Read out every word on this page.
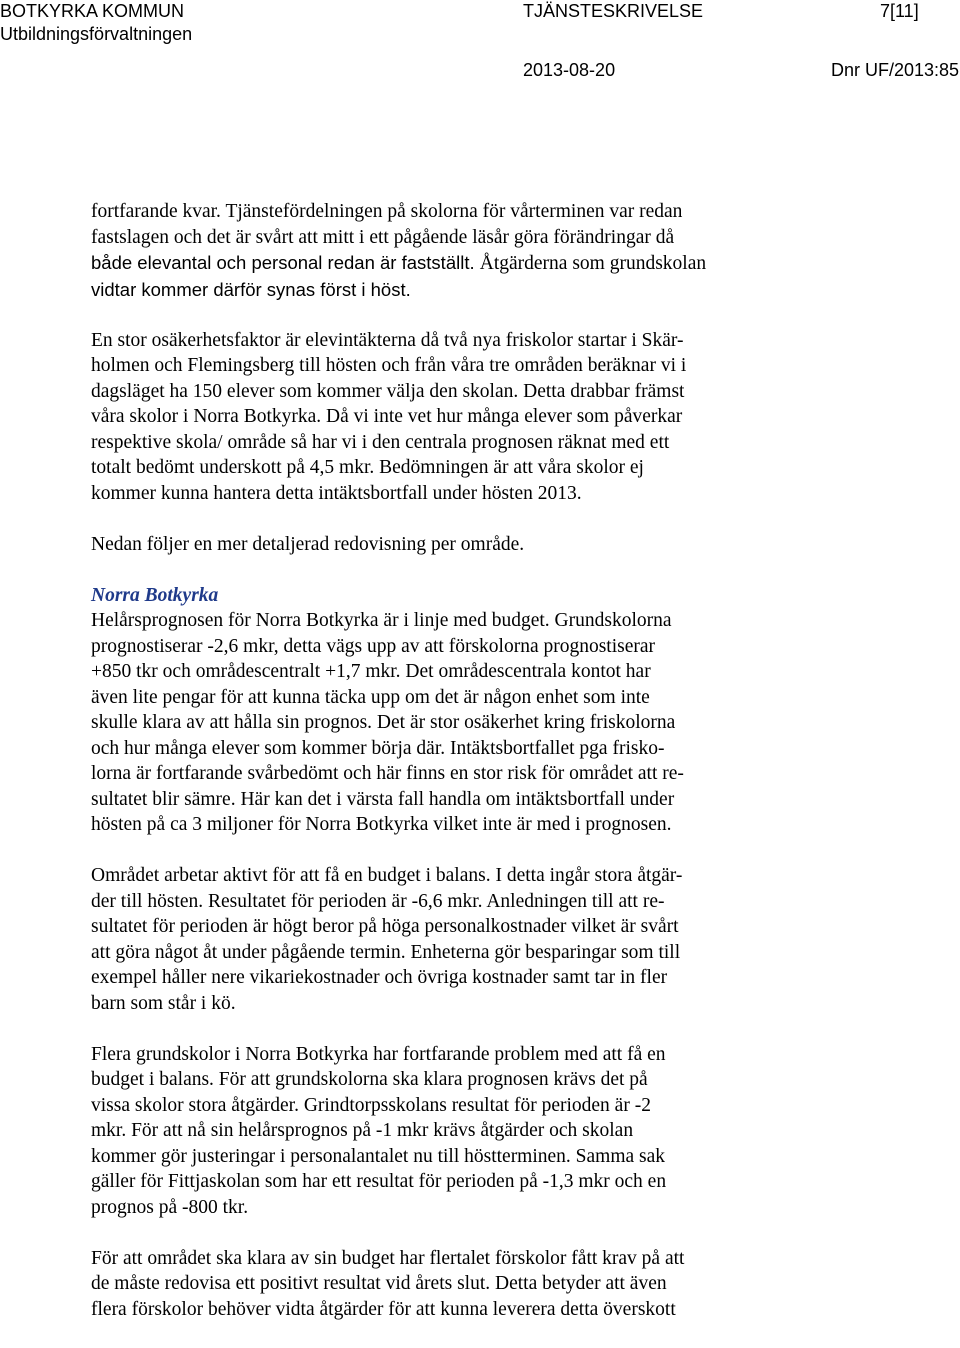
BOTKYRKA KOMMUN
Utbildningsförvaltningen
TJÄNSTESKRIVELSE	7[11]
2013-08-20	Dnr UF/2013:85

fortfarande kvar. Tjänstefördelningen på skolorna för vårterminen var redan
fastslagen och det är svårt att mitt i ett pågående läsår göra förändringar då
både elevantal och personal redan är fastställt. Åtgärderna som grundskolan
vidtar kommer därför synas först i höst.

En stor osäkerhetsfaktor är elevintäkterna då två nya friskolor startar i Skär-
holmen och Flemingsberg till hösten och från våra tre områden beräknar vi i
dagsläget ha 150 elever som kommer välja den skolan. Detta drabbar främst
våra skolor i Norra Botkyrka. Då vi inte vet hur många elever som påverkar
respektive skola/ område så har vi i den centrala prognosen räknat med ett
totalt bedömt underskott på 4,5 mkr. Bedömningen är att våra skolor ej
kommer kunna hantera detta intäktsbortfall under hösten 2013.

Nedan följer en mer detaljerad redovisning per område.

Norra Botkyrka
Helårsprognosen för Norra Botkyrka är i linje med budget. Grundskolorna
prognostiserar -2,6 mkr, detta vägs upp av att förskolorna prognostiserar
+850 tkr och områdescentralt +1,7 mkr. Det områdescentrala kontot har
även lite pengar för att kunna täcka upp om det är någon enhet som inte
skulle klara av att hålla sin prognos. Det är stor osäkerhet kring friskolorna
och hur många elever som kommer börja där. Intäktsbortfallet pga frisko-
lorna är fortfarande svårbedömt och här finns en stor risk för området att re-
sultatet blir sämre. Här kan det i värsta fall handla om intäktsbortfall under
hösten på ca 3 miljoner för Norra Botkyrka vilket inte är med i prognosen.

Området arbetar aktivt för att få en budget i balans. I detta ingår stora åtgär-
der till hösten. Resultatet för perioden är -6,6 mkr. Anledningen till att re-
sultatet för perioden är högt beror på höga personalkostnader vilket är svårt
att göra något åt under pågående termin. Enheterna gör besparingar som till
exempel håller nere vikariekostnader och övriga kostnader samt tar in fler
barn som står i kö.

Flera grundskolor i Norra Botkyrka har fortfarande problem med att få en
budget i balans. För att grundskolorna ska klara prognosen krävs det på
vissa skolor stora åtgärder. Grindtorpsskolans resultat för perioden är -2
mkr. För att nå sin helårsprognos på -1 mkr krävs åtgärder och skolan
kommer gör justeringar i personalantalet nu till höstterminen. Samma sak
gäller för Fittjaskolan som har ett resultat för perioden på -1,3 mkr och en
prognos på -800 tkr.

För att området ska klara av sin budget har flertalet förskolor fått krav på att
de måste redovisa ett positivt resultat vid årets slut. Detta betyder att även
flera förskolor behöver vidta åtgärder för att kunna leverera detta överskott
